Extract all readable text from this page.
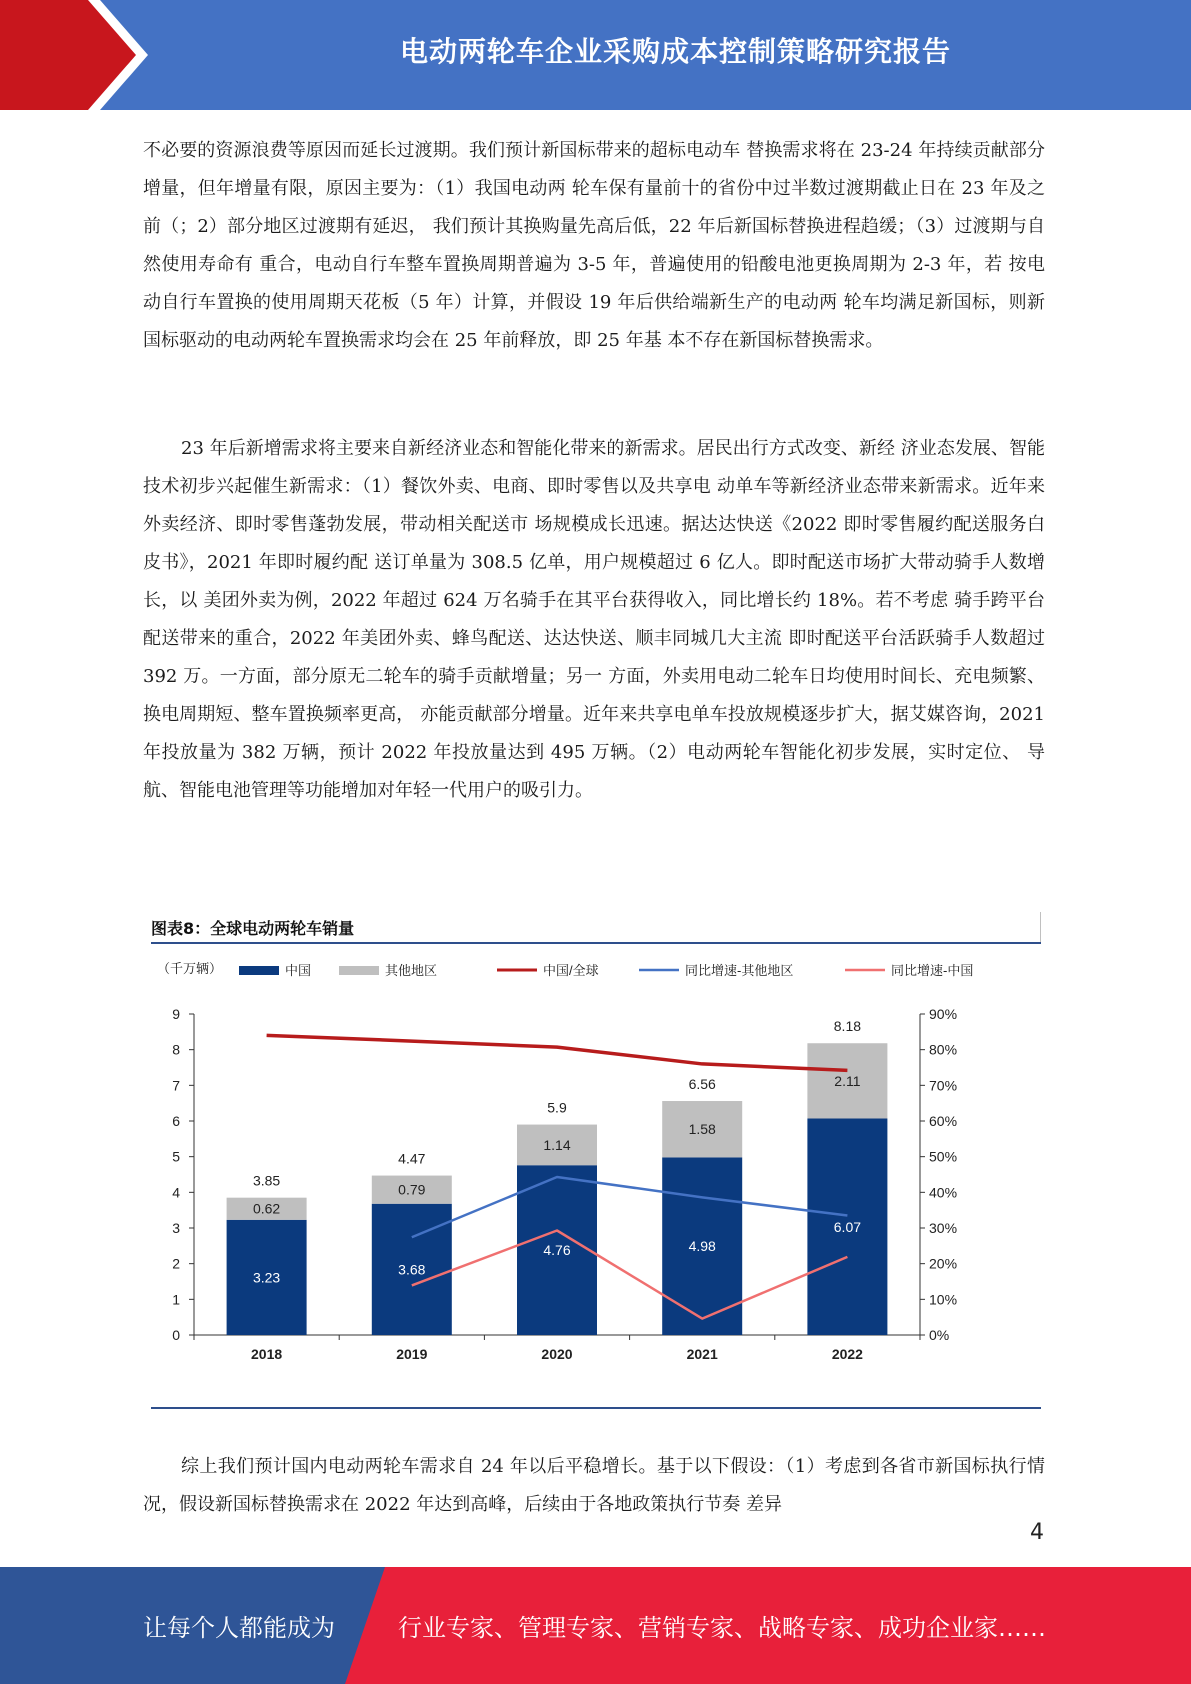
电动两轮车企业采购成本控制策略研究报告

不必要的资源浪费等原因而延长过渡期。我们预计新国标带来的超标电动车 替换需求将在 23-24 年持续贡献部分增量，但年增量有限，原因主要为：（1）我国电动两 轮车保有量前十的省份中过半数过渡期截止日在 23 年及之前（；2）部分地区过渡期有延迟， 我们预计其换购量先高后低，22 年后新国标替换进程趋缓；（3）过渡期与自然使用寿命有 重合，电动自行车整车置换周期普遍为 3-5 年，普遍使用的铅酸电池更换周期为 2-3 年，若 按电动自行车置换的使用周期天花板（5 年）计算，并假设 19 年后供给端新生产的电动两 轮车均满足新国标，则新国标驱动的电动两轮车置换需求均会在 25 年前释放，即 25 年基 本不存在新国标替换需求。

23 年后新增需求将主要来自新经济业态和智能化带来的新需求。居民出行方式改变、新经 济业态发展、智能技术初步兴起催生新需求：（1）餐饮外卖、电商、即时零售以及共享电 动单车等新经济业态带来新需求。近年来外卖经济、即时零售蓬勃发展，带动相关配送市 场规模成长迅速。据达达快送《2022 即时零售履约配送服务白皮书》，2021 年即时履约配 送订单量为 308.5 亿单，用户规模超过 6 亿人。即时配送市场扩大带动骑手人数增长，以 美团外卖为例，2022 年超过 624 万名骑手在其平台获得收入，同比增长约 18%。若不考虑 骑手跨平台配送带来的重合，2022 年美团外卖、蜂鸟配送、达达快送、顺丰同城几大主流 即时配送平台活跃骑手人数超过 392 万。一方面，部分原无二轮车的骑手贡献增量；另一 方面，外卖用电动二轮车日均使用时间长、充电频繁、换电周期短、整车置换频率更高， 亦能贡献部分增量。近年来共享电单车投放规模逐步扩大，据艾媒咨询，2021 年投放量为 382 万辆，预计 2022 年投放量达到 495 万辆。（2）电动两轮车智能化初步发展，实时定位、 导航、智能电池管理等功能增加对年轻一代用户的吸引力。

图表8：全球电动两轮车销量
（千万辆）	中国	其他地区	中国/全球	同比增速-其他地区	同比增速-中国
0
1
2
3
4
5
6
7
8
9
0%
10%
20%
30%
40%
50%
60%
70%
80%
90%
2018	2019	2020	2021	2022
3.23
0.62
3.85
3.68
0.79
4.47
4.76
1.14
5.9
4.98
1.58
6.56
6.07
2.11
8.18

综上我们预计国内电动两轮车需求自 24 年以后平稳增长。基于以下假设：（1）考虑到各省市新国标执行情况，假设新国标替换需求在 2022 年达到高峰，后续由于各地政策执行节奏 差异

4
让每个人都能成为	行业专家、管理专家、营销专家、战略专家、成功企业家……
